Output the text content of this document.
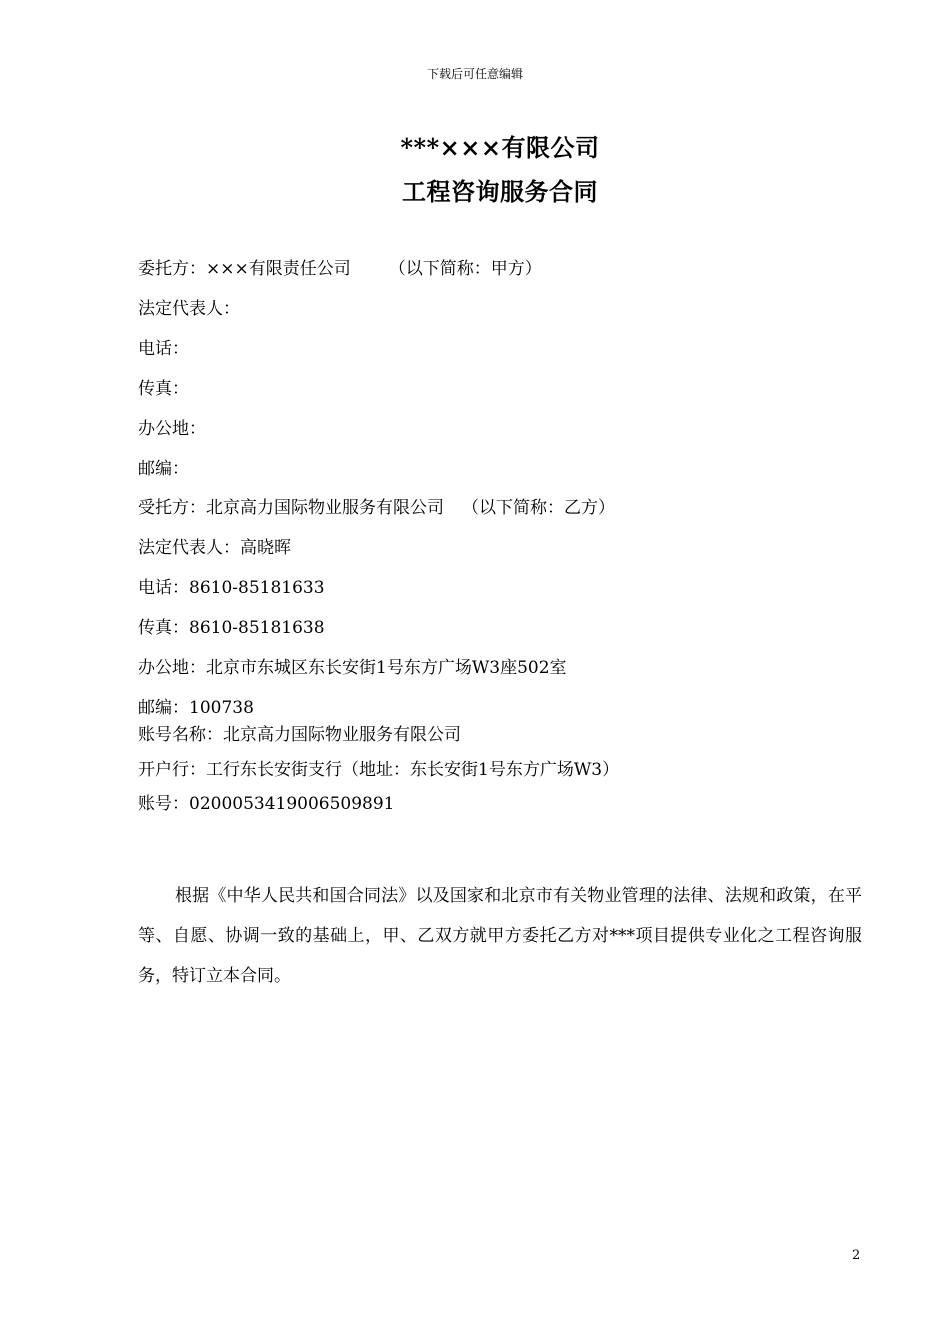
下载后可任意编辑
***×××有限公司
工程咨询服务合同
委托方：×××有限责任公司 （以下简称：甲方）
法定代表人：
电话：
传真：
办公地：
邮编：
受托方：北京高力国际物业服务有限公司 （以下简称：乙方）
法定代表人：高晓晖
电话：8610-85181633
传真：8610-85181638
办公地：北京市东城区东长安街1号东方广场W3座502室
邮编：100738
账号名称：北京高力国际物业服务有限公司
开户行：工行东长安街支行（地址：东长安街1号东方广场W3）
账号：0200053419006509891
根据《中华人民共和国合同法》以及国家和北京市有关物业管理的法律、法规和政策，在平等、自愿、协调一致的基础上，甲、乙双方就甲方委托乙方对***项目提供专业化之工程咨询服务，特订立本合同。
2
